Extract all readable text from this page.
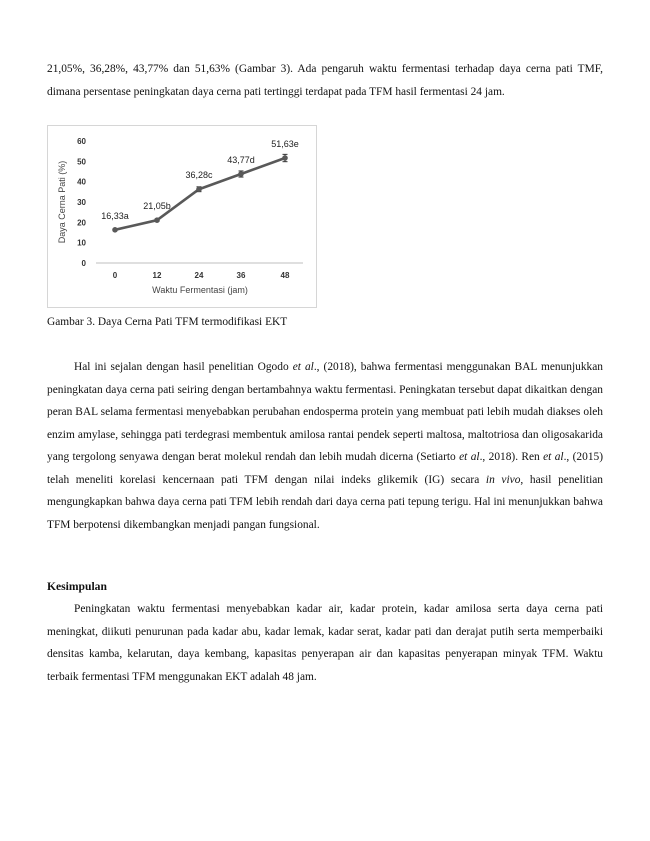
21,05%, 36,28%, 43,77% dan 51,63% (Gambar 3). Ada pengaruh waktu fermentasi terhadap daya cerna pati TMF, dimana persentase peningkatan daya cerna pati tertinggi terdapat pada TFM hasil fermentasi 24 jam.

0
10
20
30
40
50
60
0	12	24	36	48
Waktu Fermentasi (jam)
Daya Cerna Pati (%)	16,33a
21,05b
36,28c
43,77d
51,63e

Gambar 3. Daya Cerna Pati TFM termodifikasi EKT

Hal ini sejalan dengan hasil penelitian Ogodo et al., (2018), bahwa fermentasi menggunakan BAL menunjukkan peningkatan daya cerna pati seiring dengan bertambahnya waktu fermentasi. Peningkatan tersebut dapat dikaitkan dengan peran BAL selama fermentasi menyebabkan perubahan endosperma protein yang membuat pati lebih mudah diakses oleh enzim amylase, sehingga pati terdegrasi membentuk amilosa rantai pendek seperti maltosa, maltotriosa dan oligosakarida yang tergolong senyawa dengan berat molekul rendah dan lebih mudah dicerna (Setiarto et al., 2018). Ren et al., (2015) telah meneliti korelasi kencernaan pati TFM dengan nilai indeks glikemik (IG) secara in vivo, hasil penelitian mengungkapkan bahwa daya cerna pati TFM lebih rendah dari daya cerna pati tepung terigu. Hal ini menunjukkan bahwa TFM berpotensi dikembangkan menjadi pangan fungsional.

Kesimpulan

Peningkatan waktu fermentasi menyebabkan kadar air, kadar protein, kadar amilosa serta daya cerna pati meningkat, diikuti penurunan pada kadar abu, kadar lemak, kadar serat, kadar pati dan derajat putih serta memperbaiki densitas kamba, kelarutan, daya kembang, kapasitas penyerapan air dan kapasitas penyerapan minyak TFM. Waktu terbaik fermentasi TFM menggunakan EKT adalah 48 jam.
